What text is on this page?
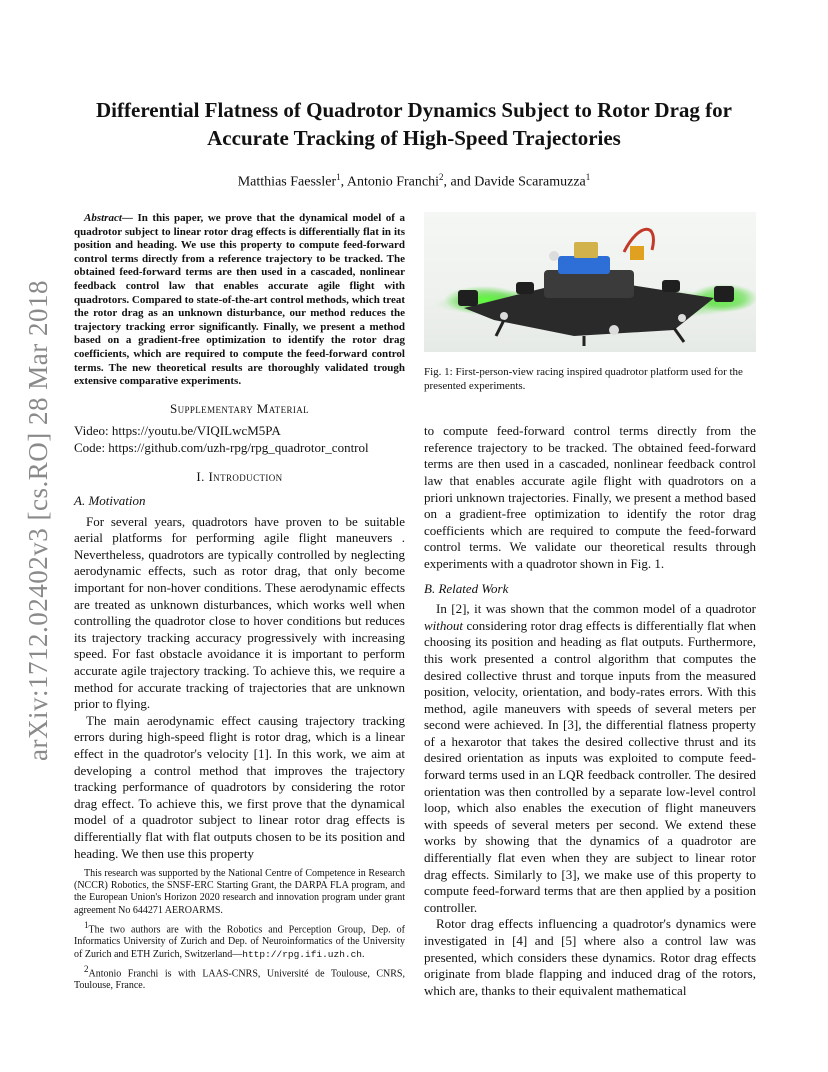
arXiv:1712.02402v3 [cs.RO] 28 Mar 2018
Differential Flatness of Quadrotor Dynamics Subject to Rotor Drag for Accurate Tracking of High-Speed Trajectories
Matthias Faessler$^1$, Antonio Franchi$^2$, and Davide Scaramuzza$^1$

Abstract— In this paper, we prove that the dynamical model of a quadrotor subject to linear rotor drag effects is differentially flat in its position and heading. We use this property to compute feed-forward control terms directly from a reference trajectory to be tracked. The obtained feed-forward terms are then used in a cascaded, nonlinear feedback control law that enables accurate agile flight with quadrotors. Compared to state-of-the-art control methods, which treat the rotor drag as an unknown disturbance, our method reduces the trajectory tracking error significantly. Finally, we present a method based on a gradient-free optimization to identify the rotor drag coefficients, which are required to compute the feed-forward control terms. The new theoretical results are thoroughly validated trough extensive comparative experiments.

Supplementary Material

Video: https://youtu.be/VIQILwcM5PA

Code: https://github.com/uzh-rpg/rpg_quadrotor_control

I. Introduction
A. Motivation

For several years, quadrotors have proven to be suitable aerial platforms for performing agile flight maneuvers . Nevertheless, quadrotors are typically controlled by neglecting aerodynamic effects, such as rotor drag, that only become important for non-hover conditions. These aerodynamic effects are treated as unknown disturbances, which works well when controlling the quadrotor close to hover conditions but reduces its trajectory tracking accuracy progressively with increasing speed. For fast obstacle avoidance it is important to perform accurate agile trajectory tracking. To achieve this, we require a method for accurate tracking of trajectories that are unknown prior to flying.

The main aerodynamic effect causing trajectory tracking errors during high-speed flight is rotor drag, which is a linear effect in the quadrotor's velocity [1]. In this work, we aim at developing a control method that improves the trajectory tracking performance of quadrotors by considering the rotor drag effect. To achieve this, we first prove that the dynamical model of a quadrotor subject to linear rotor drag effects is differentially flat with flat outputs chosen to be its position and heading. We then use this property

This research was supported by the National Centre of Competence in Research (NCCR) Robotics, the SNSF-ERC Starting Grant, the DARPA FLA program, and the European Union's Horizon 2020 research and innovation program under grant agreement No 644271 AEROARMS.

$^1$The two authors are with the Robotics and Perception Group, Dep. of Informatics University of Zurich and Dep. of Neuroinformatics of the University of Zurich and ETH Zurich, Switzerland—http://rpg.ifi.uzh.ch.

$^2$Antonio Franchi is with LAAS-CNRS, Université de Toulouse, CNRS, Toulouse, France.

Fig. 1: First-person-view racing inspired quadrotor platform used for the presented experiments.

to compute feed-forward control terms directly from the reference trajectory to be tracked. The obtained feed-forward terms are then used in a cascaded, nonlinear feedback control law that enables accurate agile flight with quadrotors on a priori unknown trajectories. Finally, we present a method based on a gradient-free optimization to identify the rotor drag coefficients which are required to compute the feed-forward control terms. We validate our theoretical results through experiments with a quadrotor shown in Fig. 1.

B. Related Work

In [2], it was shown that the common model of a quadrotor without considering rotor drag effects is differentially flat when choosing its position and heading as flat outputs. Furthermore, this work presented a control algorithm that computes the desired collective thrust and torque inputs from the measured position, velocity, orientation, and body-rates errors. With this method, agile maneuvers with speeds of several meters per second were achieved. In [3], the differential flatness property of a hexarotor that takes the desired collective thrust and its desired orientation as inputs was exploited to compute feed-forward terms used in an LQR feedback controller. The desired orientation was then controlled by a separate low-level control loop, which also enables the execution of flight maneuvers with speeds of several meters per second. We extend these works by showing that the dynamics of a quadrotor are differentially flat even when they are subject to linear rotor drag effects. Similarly to [3], we make use of this property to compute feed-forward terms that are then applied by a position controller.

Rotor drag effects influencing a quadrotor's dynamics were investigated in [4] and [5] where also a control law was presented, which considers these dynamics. Rotor drag effects originate from blade flapping and induced drag of the rotors, which are, thanks to their equivalent mathematical
